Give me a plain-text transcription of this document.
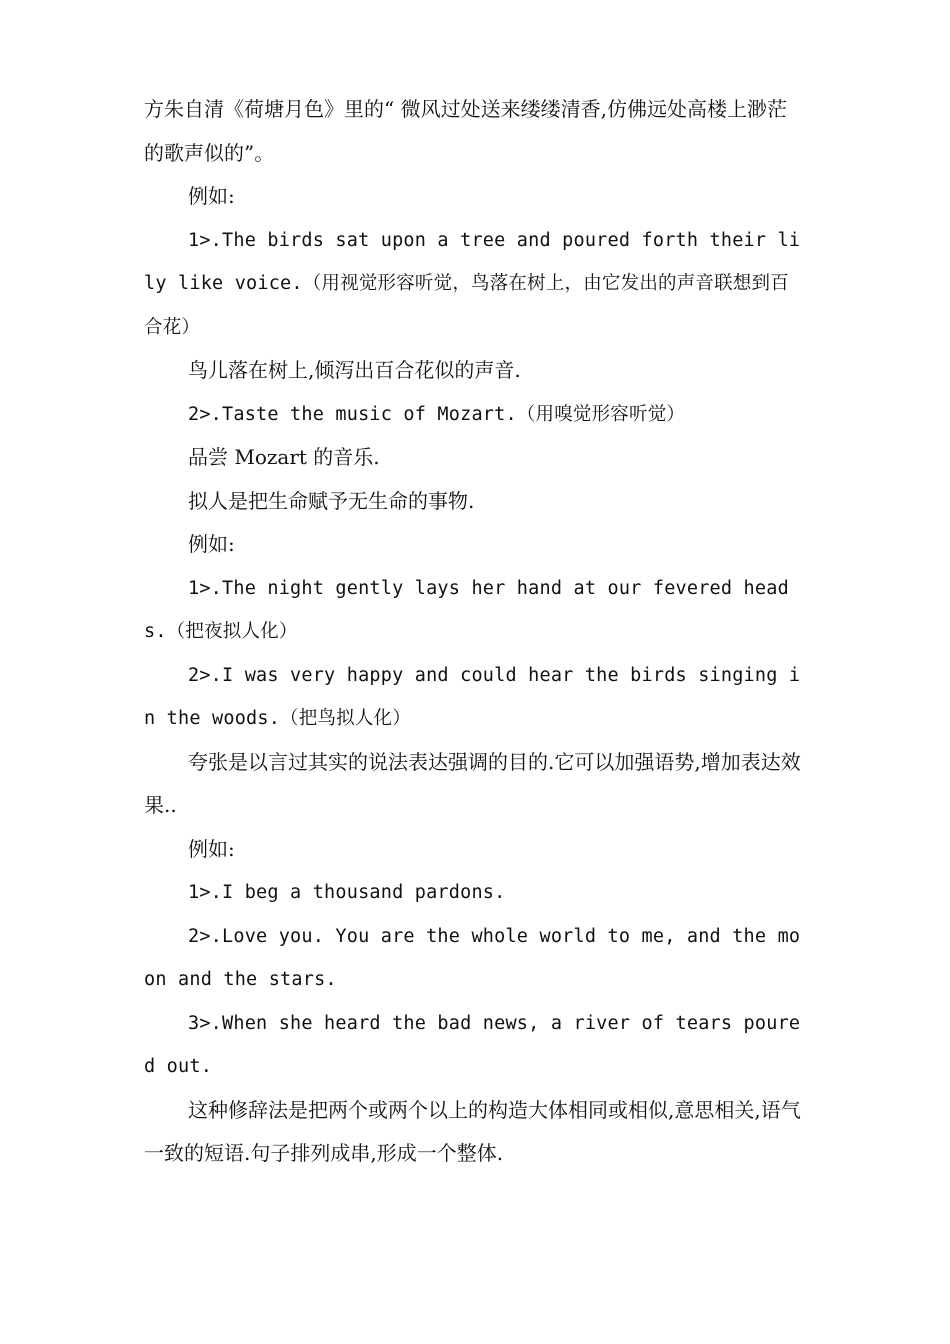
方朱自清《荷塘月色》里的“ 微风过处送来缕缕清香,仿佛远处高楼上渺茫的歌声似的”。

例如:

1>.The birds sat upon a tree and poured forth their lily like voice.（用视觉形容听觉，鸟落在树上，由它发出的声音联想到百合花）

鸟儿落在树上,倾泻出百合花似的声音.

2>.Taste the music of Mozart.（用嗅觉形容听觉）

品尝 Mozart 的音乐.

拟人是把生命赋予无生命的事物.

例如:

1>.The night gently lays her hand at our fevered heads.（把夜拟人化）

2>.I was very happy and could hear the birds singing in the woods.（把鸟拟人化）

夸张是以言过其实的说法表达强调的目的.它可以加强语势,增加表达效果..

例如:

1>.I beg a thousand pardons.

2>.Love you. You are the whole world to me, and the moon and the stars.

3>.When she heard the bad news, a river of tears poured out.

这种修辞法是把两个或两个以上的构造大体相同或相似,意思相关,语气一致的短语.句子排列成串,形成一个整体.
